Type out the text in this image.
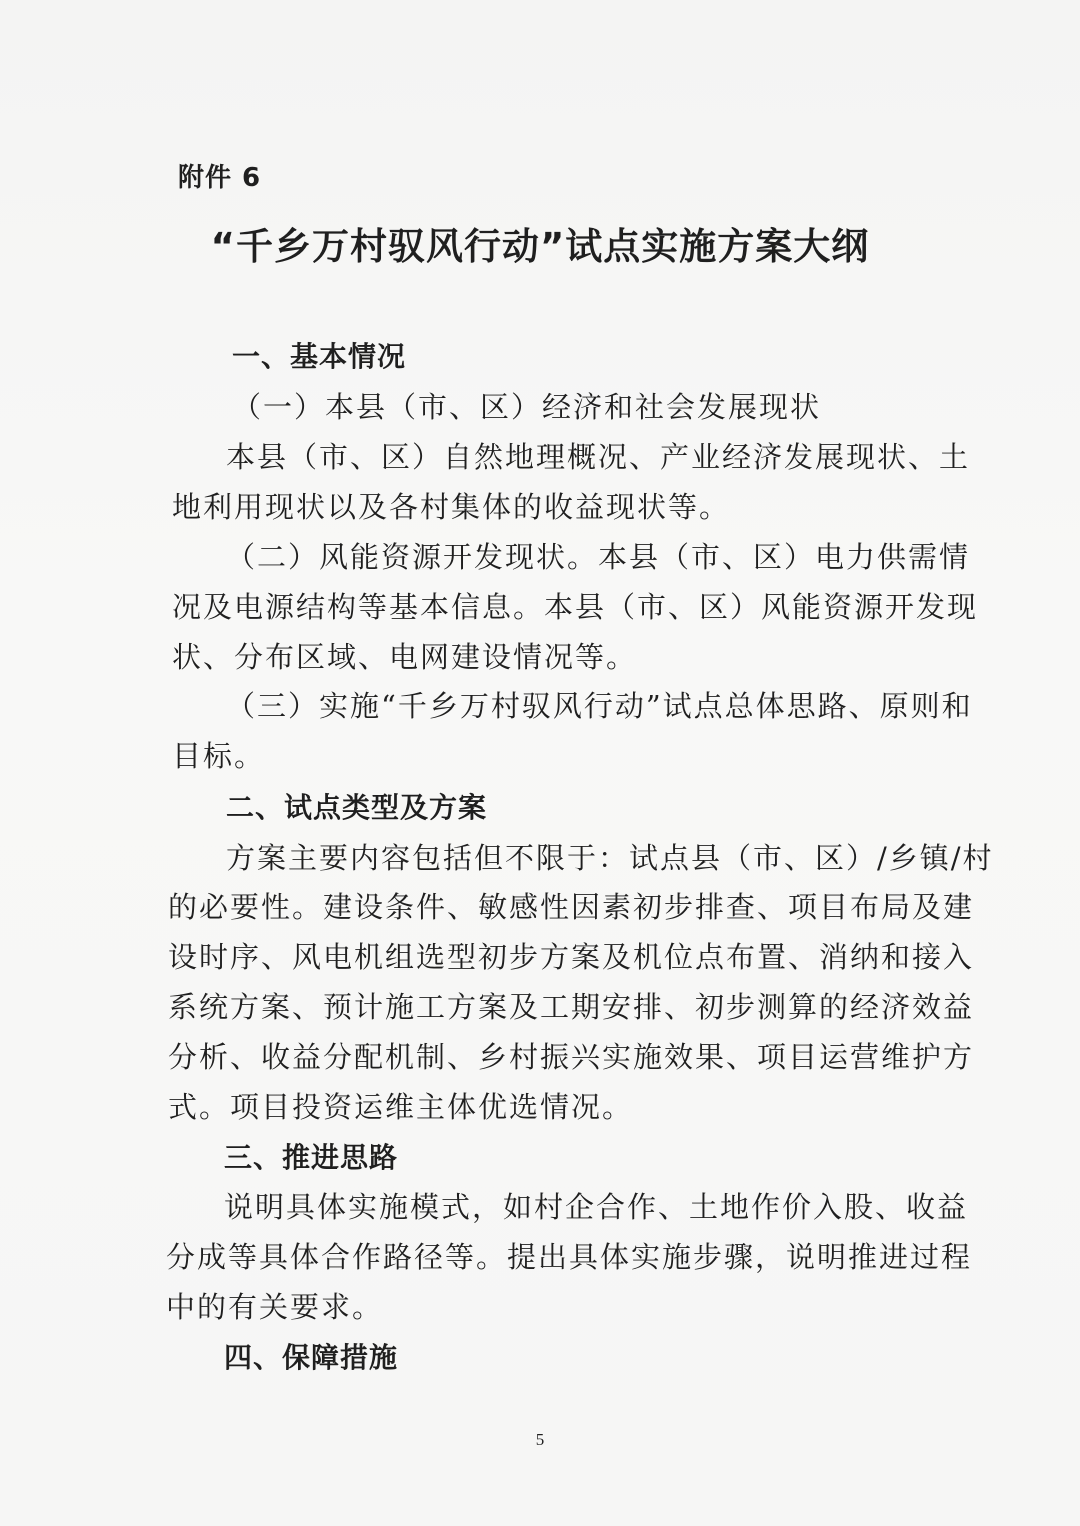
附件 6
“千乡万村驭风行动”试点实施方案大纲
一、基本情况
（一）本县（市、区）经济和社会发展现状
本县（市、区）自然地理概况、产业经济发展现状、土
地利用现状以及各村集体的收益现状等。
（二）风能资源开发现状。本县（市、区）电力供需情
况及电源结构等基本信息。本县（市、区）风能资源开发现
状、分布区域、电网建设情况等。
（三）实施“千乡万村驭风行动”试点总体思路、原则和
目标。
二、试点类型及方案
方案主要内容包括但不限于：试点县（市、区）/乡镇/村
的必要性。建设条件、敏感性因素初步排查、项目布局及建
设时序、风电机组选型初步方案及机位点布置、消纳和接入
系统方案、预计施工方案及工期安排、初步测算的经济效益
分析、收益分配机制、乡村振兴实施效果、项目运营维护方
式。项目投资运维主体优选情况。
三、推进思路
说明具体实施模式，如村企合作、土地作价入股、收益
分成等具体合作路径等。提出具体实施步骤，说明推进过程
中的有关要求。
四、保障措施
5
